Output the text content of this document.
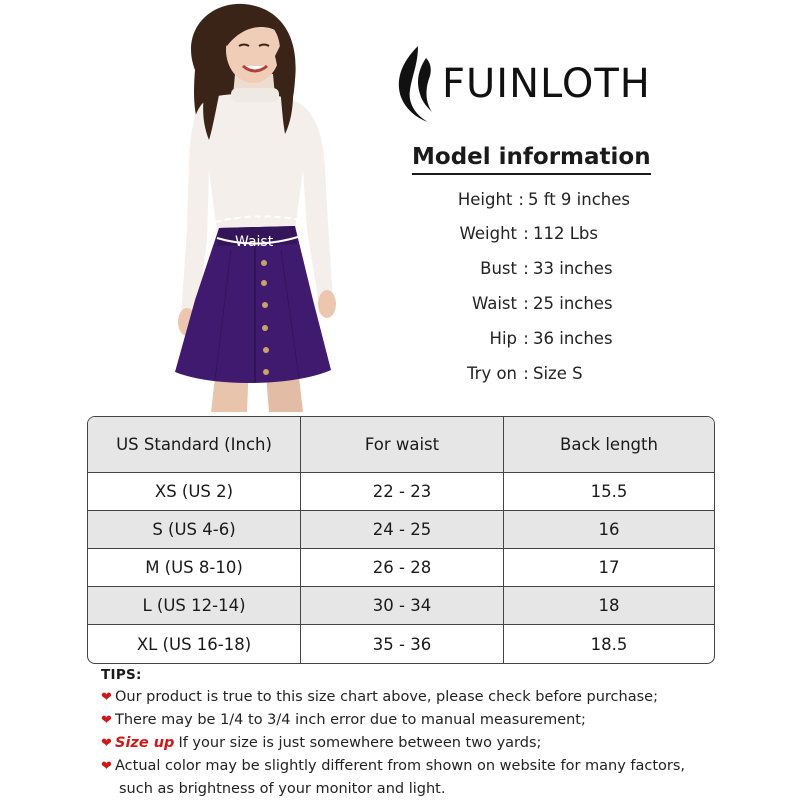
Waist
FUINLOTH
Model information
Height : 5 ft 9 inches
Weight : 112 Lbs
Bust : 33 inches
Waist : 25 inches
Hip : 36 inches
Try on : Size S
US Standard (Inch)	For waist	Back length
XS (US 2)	22 - 23	15.5
S (US 4-6)	24 - 25	16
M (US 8-10)	26 - 28	17
L (US 12-14)	30 - 34	18
XL (US 16-18)	35 - 36	18.5
TIPS:
❤ Our product is true to this size chart above, please check before purchase;
❤ There may be 1/4 to 3/4 inch error due to manual measurement;
❤ Size up If your size is just somewhere between two yards;
❤ Actual color may be slightly different from shown on website for many factors,
such as brightness of your monitor and light.
